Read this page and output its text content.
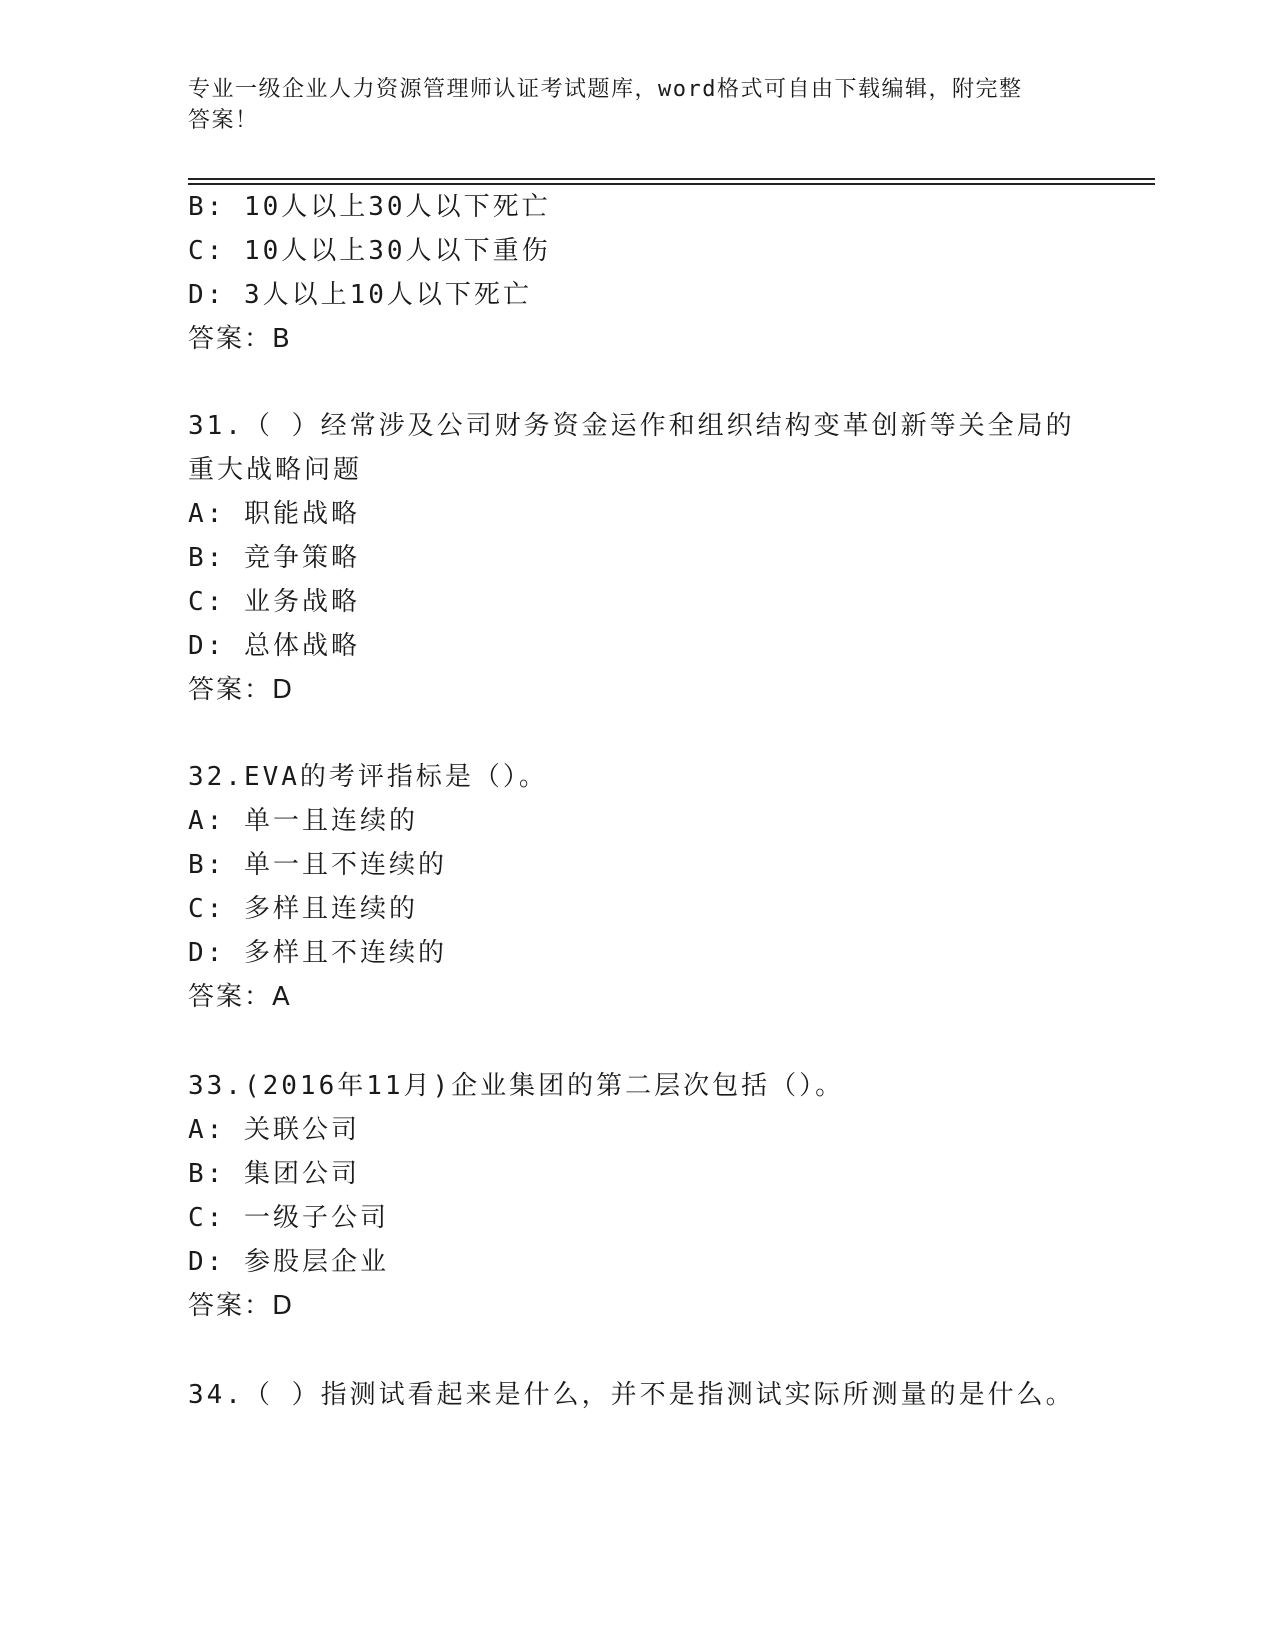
专业一级企业人力资源管理师认证考试题库，word格式可自由下载编辑，附完整
答案！

B: 10人以上30人以下死亡

C: 10人以上30人以下重伤

D: 3人以上10人以下死亡

答案：B

31.（ ）经常涉及公司财务资金运作和组织结构变革创新等关全局的

重大战略问题

A: 职能战略

B: 竞争策略

C: 业务战略

D: 总体战略

答案：D

32.EVA的考评指标是（）。

A: 单一且连续的

B: 单一且不连续的

C: 多样且连续的

D: 多样且不连续的

答案：A

33.(2016年11月)企业集团的第二层次包括（）。

A: 关联公司

B: 集团公司

C: 一级子公司

D: 参股层企业

答案：D

34.（ ）指测试看起来是什么，并不是指测试实际所测量的是什么。
